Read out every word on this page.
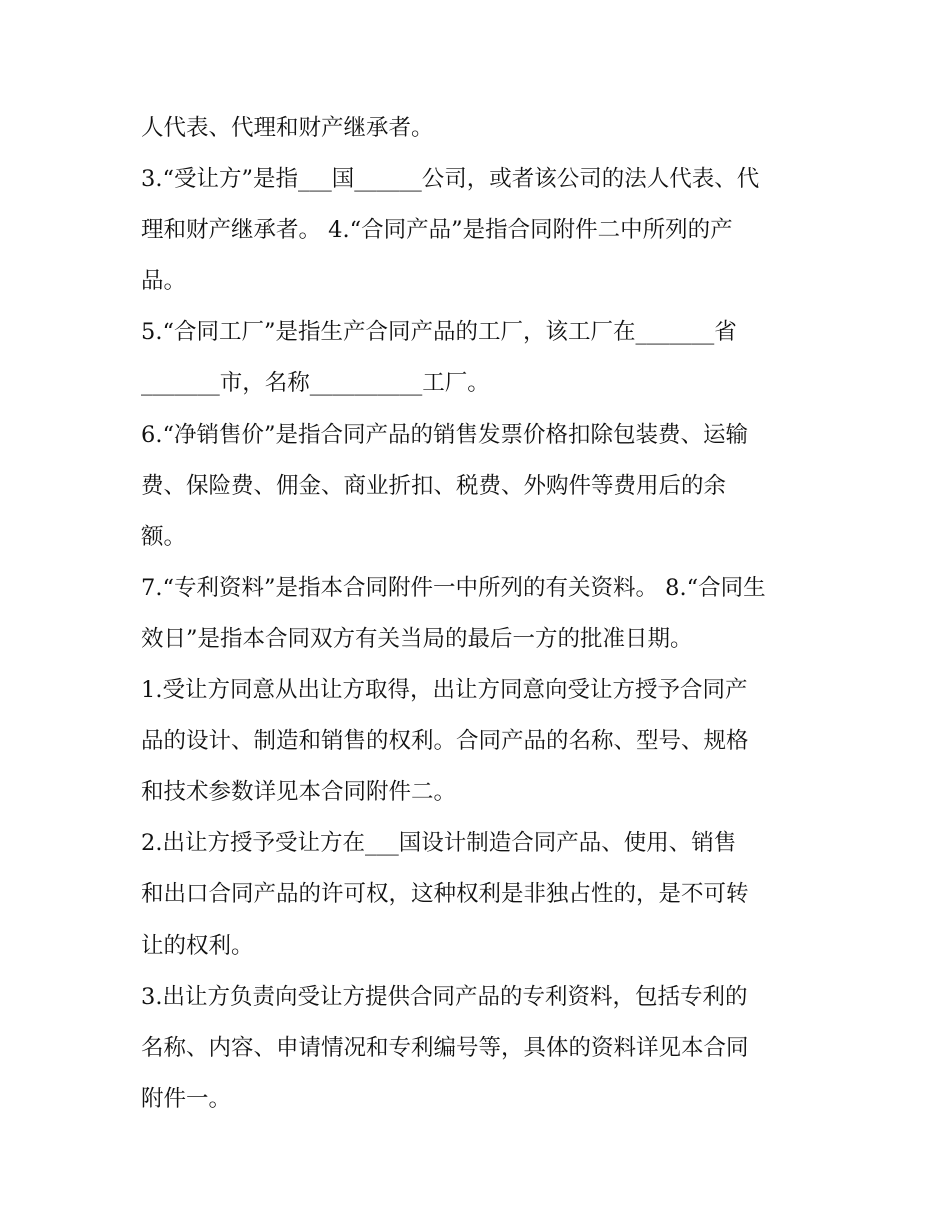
人代表、代理和财产继承者。

3.“受让方”是指___国______公司，或者该公司的法人代表、代
理和财产继承者。 4.“合同产品”是指合同附件二中所列的产
品。

5.“合同工厂”是指生产合同产品的工厂，该工厂在_______省
_______市，名称__________工厂。

6.“净销售价”是指合同产品的销售发票价格扣除包装费、运输
费、保险费、佣金、商业折扣、税费、外购件等费用后的余
额。

7.“专利资料”是指本合同附件一中所列的有关资料。 8.“合同生
效日”是指本合同双方有关当局的最后一方的批准日期。

1.受让方同意从出让方取得，出让方同意向受让方授予合同产
品的设计、制造和销售的权利。合同产品的名称、型号、规格
和技术参数详见本合同附件二。

2.出让方授予受让方在___国设计制造合同产品、使用、销售
和出口合同产品的许可权，这种权利是非独占性的，是不可转
让的权利。

3.出让方负责向受让方提供合同产品的专利资料，包括专利的
名称、内容、申请情况和专利编号等，具体的资料详见本合同
附件一。
